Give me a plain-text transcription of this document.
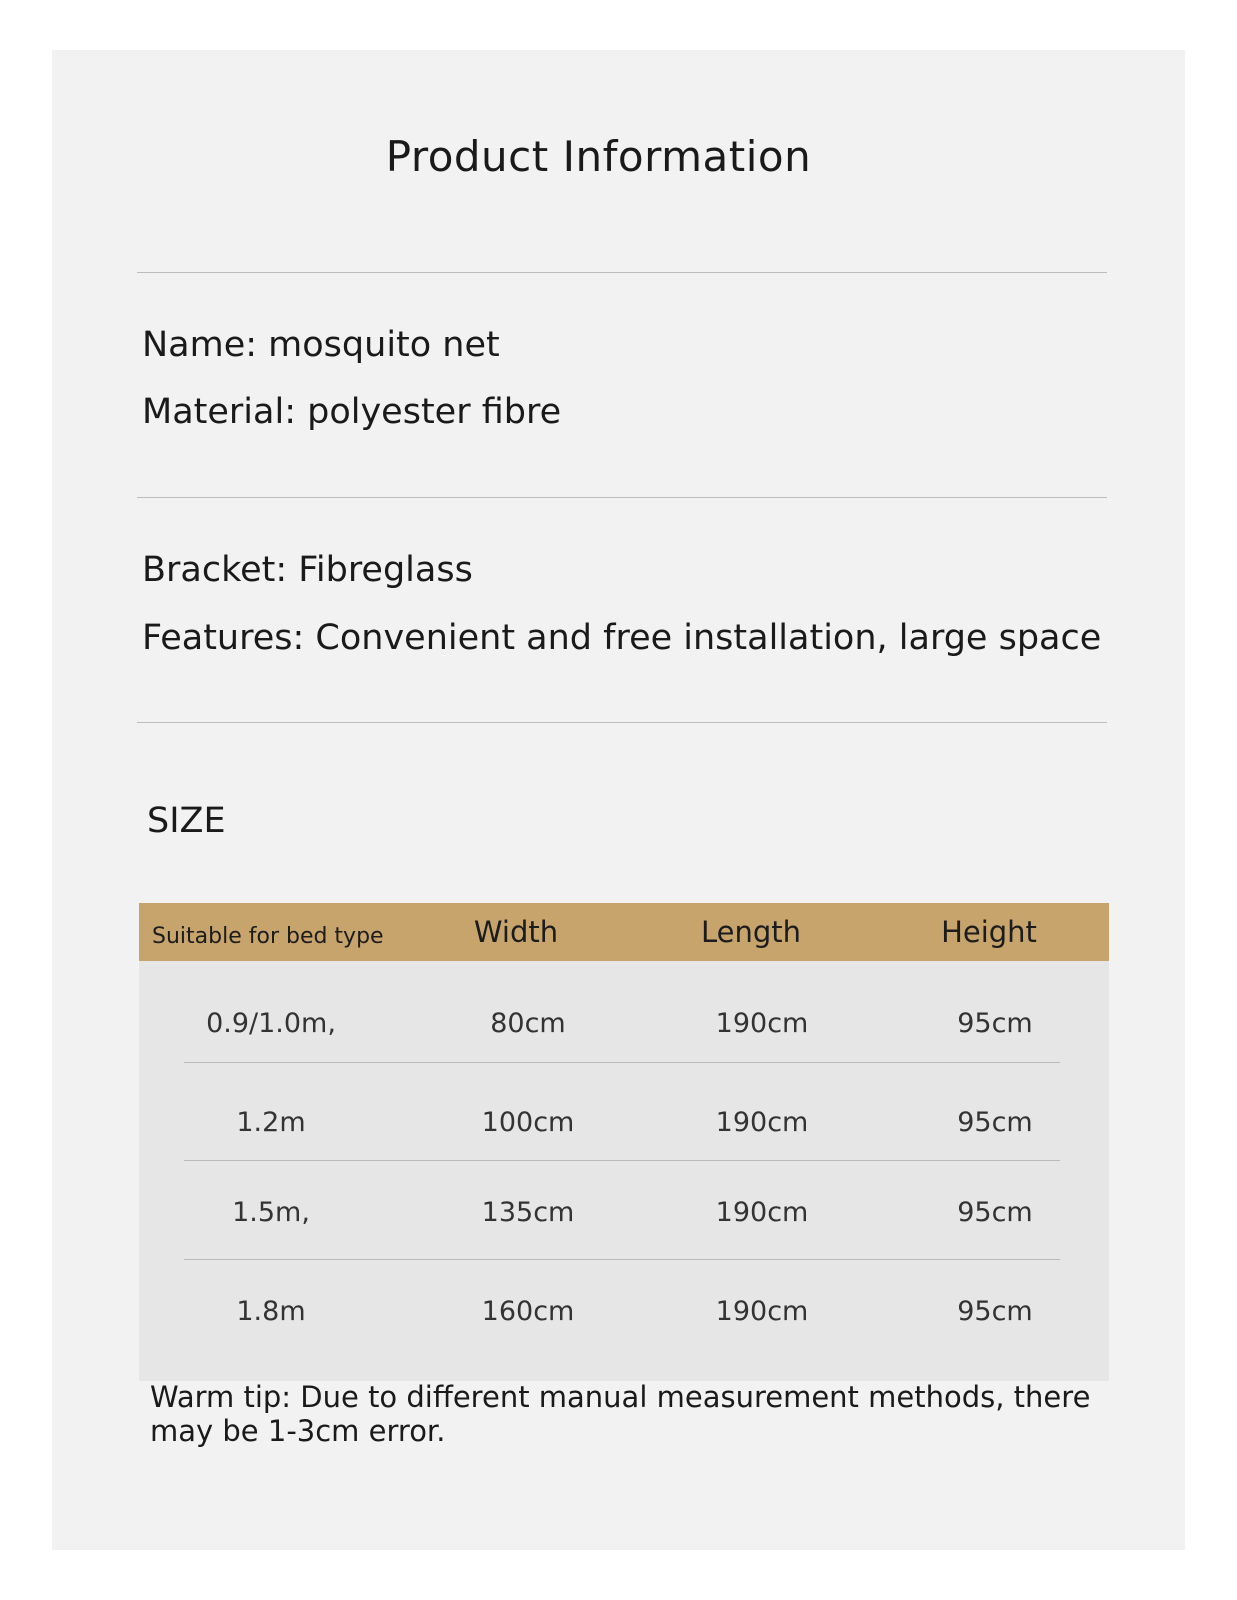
Product Information
Name: mosquito net
Material: polyester fibre
Bracket: Fibreglass
Features: Convenient and free installation, large space
SIZE
Suitable for bed type	Width	Length	Height
0.9/1.0m,	80cm	190cm	95cm
1.2m	100cm	190cm	95cm
1.5m,	135cm	190cm	95cm
1.8m	160cm	190cm	95cm
Warm tip: Due to different manual measurement methods, there may be 1-3cm error.
